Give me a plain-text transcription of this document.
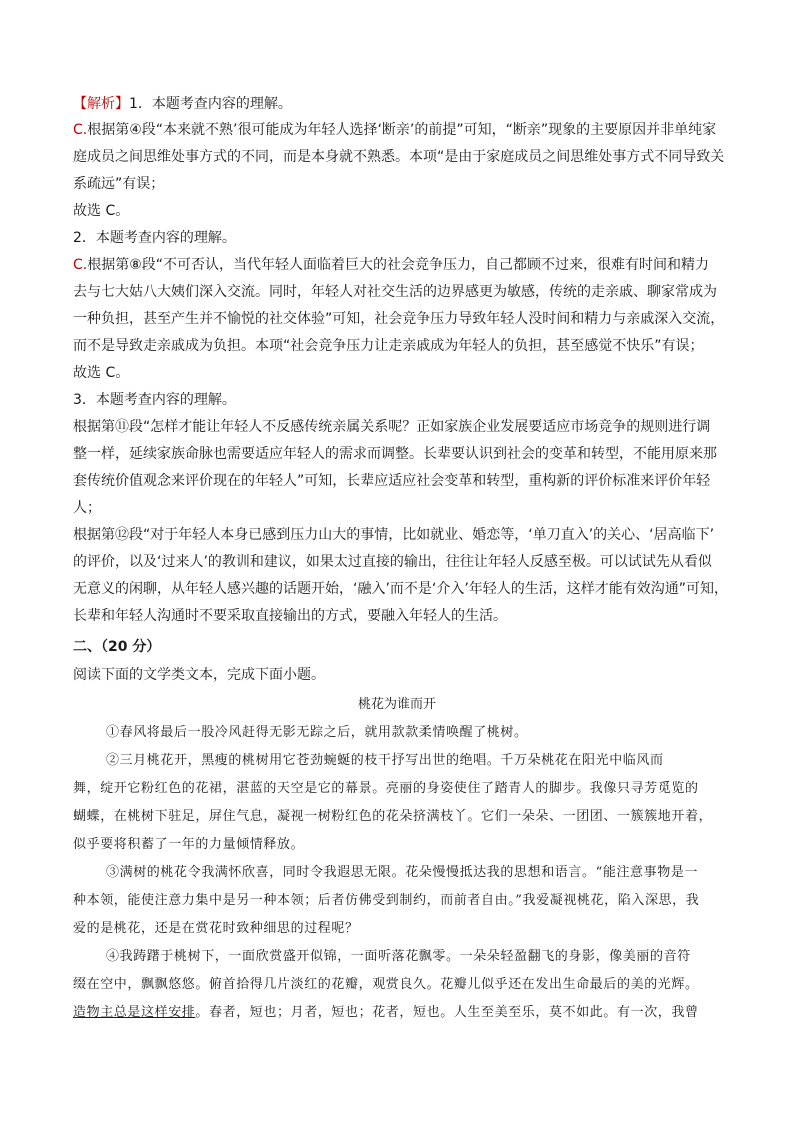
【解析】1．本题考查内容的理解。
C.根据第④段“本来就不熟’很可能成为年轻人选择‘断亲’的前提”可知，“断亲”现象的主要原因并非单纯家
庭成员之间思维处事方式的不同，而是本身就不熟悉。本项“是由于家庭成员之间思维处事方式不同导致关
系疏远”有误；
故选 C。
2．本题考查内容的理解。
C.根据第⑧段“不可否认，当代年轻人面临着巨大的社会竞争压力，自己都顾不过来，很难有时间和精力
去与七大姑八大姨们深入交流。同时，年轻人对社交生活的边界感更为敏感，传统的走亲戚、聊家常成为
一种负担，甚至产生并不愉悦的社交体验”可知，社会竞争压力导致年轻人没时间和精力与亲戚深入交流，
而不是导致走亲戚成为负担。本项“社会竞争压力让走亲戚成为年轻人的负担，甚至感觉不快乐”有误；
故选 C。
3．本题考查内容的理解。
根据第⑪段“怎样才能让年轻人不反感传统亲属关系呢？正如家族企业发展要适应市场竞争的规则进行调
整一样，延续家族命脉也需要适应年轻人的需求而调整。长辈要认识到社会的变革和转型，不能用原来那
套传统价值观念来评价现在的年轻人”可知，长辈应适应社会变革和转型，重构新的评价标准来评价年轻
人；
根据第⑫段“对于年轻人本身已感到压力山大的事情，比如就业、婚恋等，‘单刀直入’的关心、‘居高临下’
的评价，以及‘过来人’的教训和建议，如果太过直接的输出，往往让年轻人反感至极。可以试试先从看似
无意义的闲聊，从年轻人感兴趣的话题开始，‘融入’而不是‘介入’年轻人的生活，这样才能有效沟通”可知，
长辈和年轻人沟通时不要采取直接输出的方式，要融入年轻人的生活。
二、（20 分）
阅读下面的文学类文本，完成下面小题。
桃花为谁而开
①春风将最后一股冷风赶得无影无踪之后，就用款款柔情唤醒了桃树。
②三月桃花开，黑瘦的桃树用它苍劲蜿蜒的枝干抒写出世的绝唱。千万朵桃花在阳光中临风而
舞，绽开它粉红色的花裙，湛蓝的天空是它的幕景。亮丽的身姿使住了踏青人的脚步。我像只寻芳觅览的
蝴蝶，在桃树下驻足，屏住气息，凝视一树粉红色的花朵挤满枝丫。它们一朵朵、一团团、一簇簇地开着，
似乎要将积蓄了一年的力量倾情释放。
③满树的桃花令我满怀欣喜，同时令我遐思无限。花朵慢慢抵达我的思想和语言。“能注意事物是一
种本领，能使注意力集中是另一种本领；后者仿佛受到制约，而前者自由。”我爱凝视桃花，陷入深思，我
爱的是桃花，还是在赏花时致种细思的过程呢？
④我踌躇于桃树下，一面欣赏盛开似锦，一面听落花飘零。一朵朵轻盈翻飞的身影，像美丽的音符
缀在空中，飘飘悠悠。俯首拾得几片淡红的花瓣，观赏良久。花瓣儿似乎还在发出生命最后的美的光辉。
造物主总是这样安排。春者，短也；月者，短也；花者，短也。人生至美至乐，莫不如此。有一次，我曾
